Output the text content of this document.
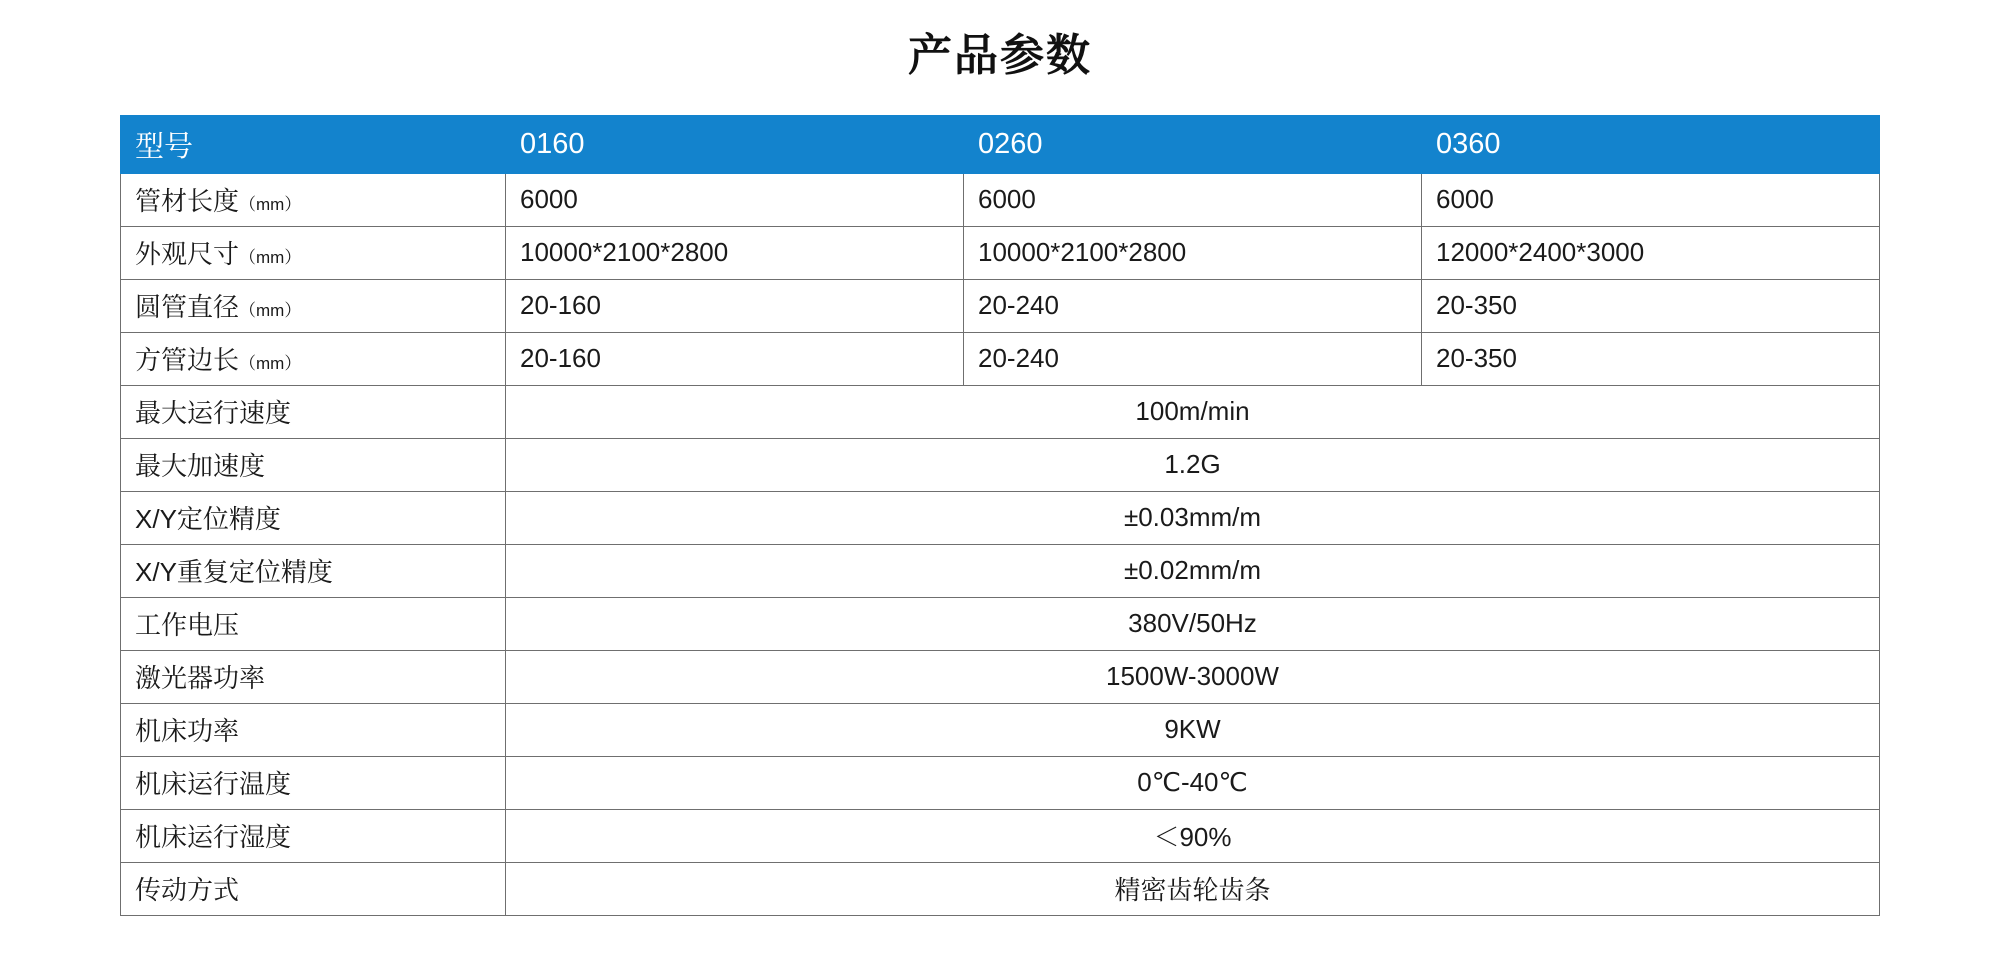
产品参数
型号	0160	0260	0360
管材长度（mm）	6000	6000	6000
外观尺寸（mm）	10000*2100*2800	10000*2100*2800	12000*2400*3000
圆管直径（mm）	20-160	20-240	20-350
方管边长（mm）	20-160	20-240	20-350
最大运行速度	100m/min		
最大加速度	1.2G		
X/Y定位精度	±0.03mm/m		
X/Y重复定位精度	±0.02mm/m		
工作电压	380V/50Hz		
激光器功率	1500W-3000W		
机床功率	9KW		
机床运行温度	0℃-40℃		
机床运行湿度	＜90%		
传动方式	精密齿轮齿条		
